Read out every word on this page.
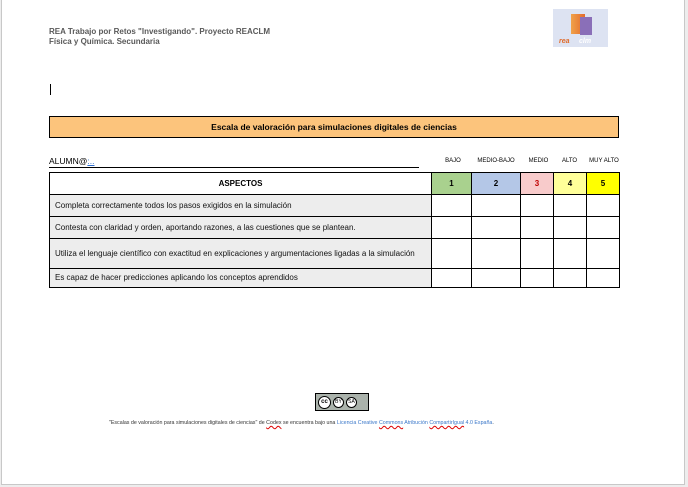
REA Trabajo por Retos "Investigando". Proyecto REACLM
Física y Química. Secundaria	rea clm
Escala de valoración para simulaciones digitales de ciencias
ALUMN@:..	BAJO	MEDIO-BAJO	MEDIO	ALTO	MUY ALTO
ASPECTOS	1	2	3	4	5
Completa correctamente todos los pasos exigidos en la simulación					
Contesta con claridad y orden, aportando razones, a las cuestiones que se plantean.					
Utiliza el lenguaje científico con exactitud en explicaciones y argumentaciones ligadas a la simulación					
Es capaz de hacer predicciones aplicando los conceptos aprendidos					
cc	BY	SA
"Escalas de valoración para simulaciones digitales de ciencias" de Codex se encuentra bajo una Licencia Creative Commons Atribución CompartirIgual 4.0 España.
